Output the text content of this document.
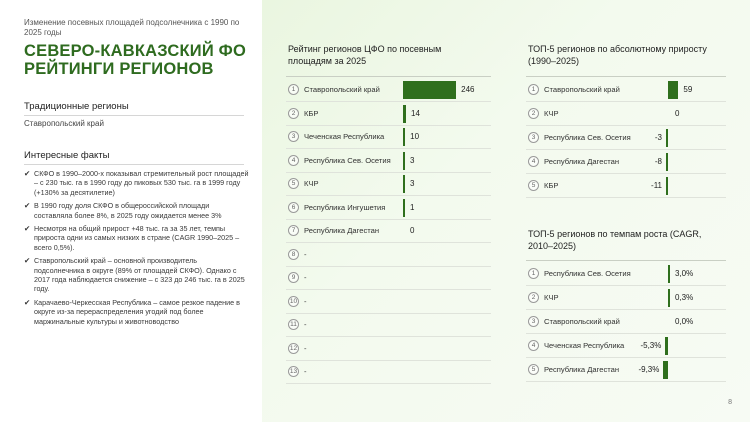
Изменение посевных площадей подсолнечника с 1990 по 2025 годы
СЕВЕРО-КАВКАЗСКИЙ ФО
РЕЙТИНГИ РЕГИОНОВ
Традиционные регионы
Ставропольский край
Интересные факты
✔ СКФО в 1990–2000-х показывал стремительный рост площадей – с 230 тыс. га в 1990 году до пиковых 530 тыс. га в 1999 году (+130% за десятилетие)
✔ В 1990 году доля СКФО в общероссийской площади составляла более 8%, в 2025 году ожидается менее 3%
✔ Несмотря на общий прирост +48 тыс. га за 35 лет, темпы прироста одни из самых низких в стране (CAGR 1990–2025 – всего 0,5%).
✔ Ставропольский край – основной производитель подсолнечника в округе (89% от площадей СКФО). Однако с 2017 года наблюдается снижение – с 323 до 246 тыс. га в 2025 году.
✔ Карачаево-Черкесская Республика – самое резкое падение в округе из-за перераспределения угодий под более маржинальные культуры и животноводство
Рейтинг регионов ЦФО по посевным площадям за 2025
1	Ставропольский край	246
2	КБР	14
3	Чеченская Республика	10
4	Республика Сев. Осетия 3
5	КЧР	3
6	Республика Ингушетия	1
7	Республика Дагестан	0
8	-
9	-
10 -
11 -
12 -
13 -
ТОП-5 регионов по абсолютному приросту (1990–2025)
1	Ставропольский край	59
2	КЧР	0
3	Республика Сев. Осетия	-3
4	Республика Дагестан	-8
5	КБР	-11
ТОП-5 регионов по темпам роста (CAGR, 2010–2025)
1	Республика Сев. Осетия	3,0%
2	КЧР	0,3%
3	Ставропольский край	0,0%
4	Чеченская Республика -5,3%
5	Республика Дагестан -9,3%
8
